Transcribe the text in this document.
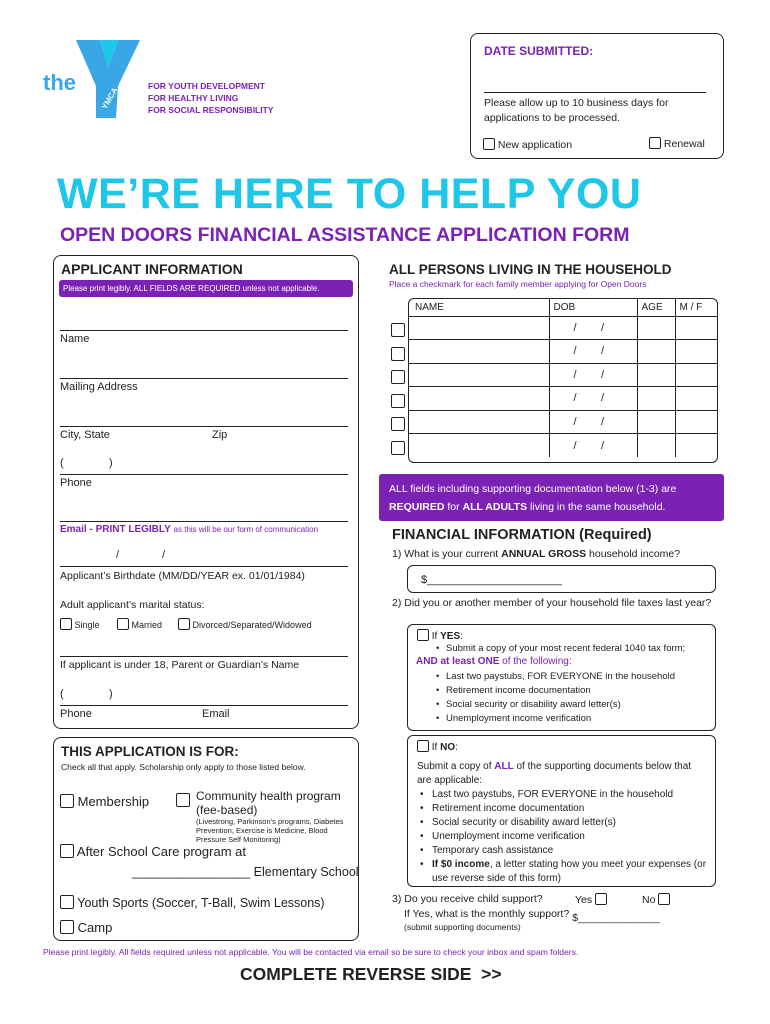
the
YMCA
FOR YOUTH DEVELOPMENT
FOR HEALTHY LIVING
FOR SOCIAL RESPONSIBILITY
DATE SUBMITTED:
Please allow up to 10 business days for applications to be processed.
New application	Renewal
WE’RE HERE TO HELP YOU
OPEN DOORS FINANCIAL ASSISTANCE APPLICATION FORM
APPLICANT INFORMATION
Please print legibly. ALL FIELDS ARE REQUIRED unless not applicable.
Name
Mailing Address
City, State	Zip
(	)
Phone
Email - PRINT LEGIBLY as this will be our form of communication
/	/
Applicant’s Birthdate (MM/DD/YEAR ex. 01/01/1984)
Adult applicant’s marital status:
Single	Married	Divorced/Separated/Widowed
If applicant is under 18, Parent or Guardian’s Name
(	)
Phone	Email
ALL PERSONS LIVING IN THE HOUSEHOLD
Place a checkmark for each family member applying for Open Doors
NAME	DOB	AGE	M / F
	/        /		
	/        /		
	/        /		
	/        /		
	/        /		
	/        /		
ALL fields including supporting documentation below (1-3) are
REQUIRED for ALL ADULTS living in the same household.
FINANCIAL INFORMATION (Required)
1) What is your current ANNUAL GROSS household income?
$______________________
2) Did you or another member of your household file taxes last year?
If YES:
• Submit a copy of your most recent federal 1040 tax form;
AND at least ONE of the following:
• Last two paystubs, FOR EVERYONE in the household
• Retirement income documentation
• Social security or disability award letter(s)
• Unemployment income verification
If NO:
Submit a copy of ALL of the supporting documents below that are applicable:
• Last two paystubs, FOR EVERYONE in the household
• Retirement income documentation
• Social security or disability award letter(s)
• Unemployment income verification
• Temporary cash assistance
• If $0 income, a letter stating how you meet your expenses (or use reverse side of this form)
3) Do you receive child support?	Yes	No
If Yes, what is the monthly support? $______________
(submit supporting documents)
THIS APPLICATION IS FOR:
Check all that apply. Scholarship only apply to those listed below.
Membership	Community health program (fee-based)
(Livestrong, Parkinson’s programs, Diabetes Prevention, Exercise is Medicine, Blood Pressure Self Monitoring)
After School Care program at
_________________ Elementary School
Youth Sports (Soccer, T-Ball, Swim Lessons)
Camp
Please print legibly. All fields required unless not applicable. You will be contacted via email so be sure to check your inbox and spam folders.
COMPLETE REVERSE SIDE  >>
